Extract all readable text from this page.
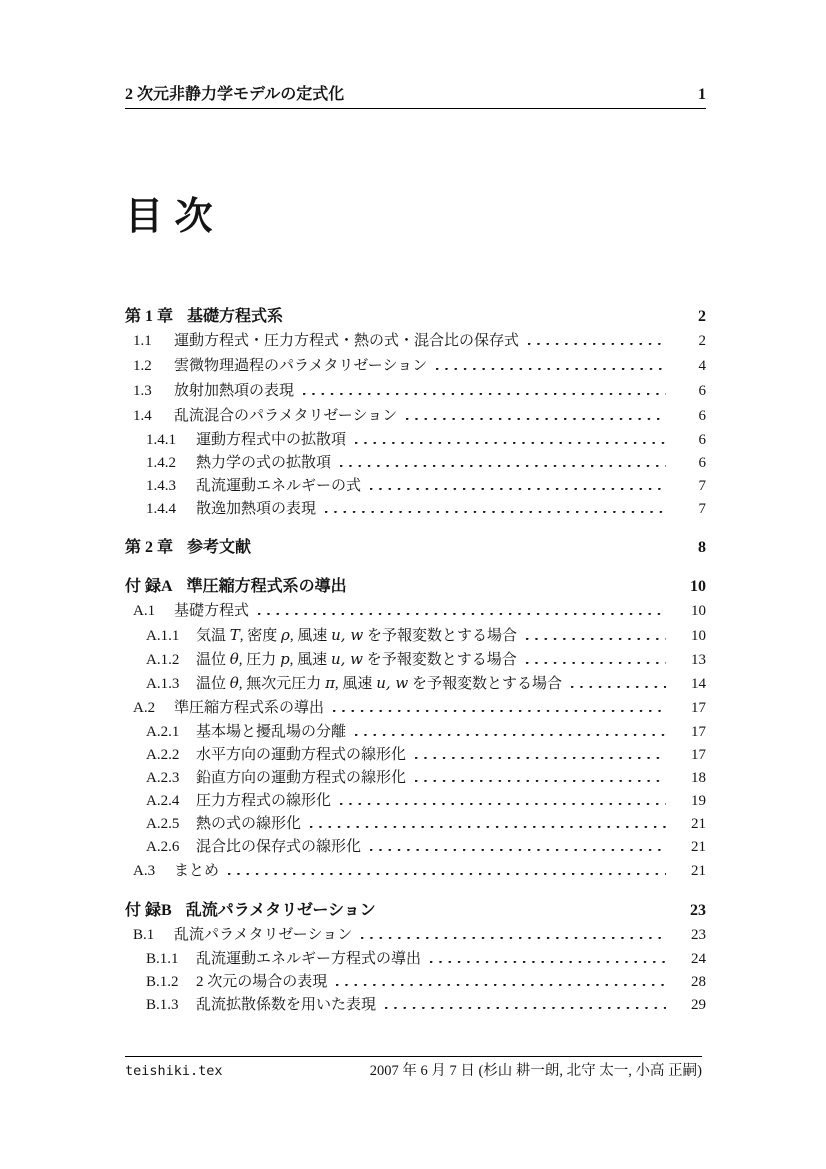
2 次元非静力学モデルの定式化	1
目 次
第 1 章 基礎方程式系	2
1.1	運動方程式・圧力方程式・熱の式・混合比の保存式	2
1.2	雲微物理過程のパラメタリゼーション	4
1.3	放射加熱項の表現	6
1.4	乱流混合のパラメタリゼーション	6
1.4.1	運動方程式中の拡散項	6
1.4.2	熱力学の式の拡散項	6
1.4.3	乱流運動エネルギーの式	7
1.4.4	散逸加熱項の表現	7
第 2 章 参考文献	8
付 録A 準圧縮方程式系の導出	10
A.1	基礎方程式	10
A.1.1	気温 T, 密度 ρ, 風速 u, w を予報変数とする場合	10
A.1.2	温位 θ, 圧力 p, 風速 u, w を予報変数とする場合	13
A.1.3	温位 θ, 無次元圧力 π, 風速 u, w を予報変数とする場合	14
A.2	準圧縮方程式系の導出	17
A.2.1	基本場と擾乱場の分離	17
A.2.2	水平方向の運動方程式の線形化	17
A.2.3	鉛直方向の運動方程式の線形化	18
A.2.4	圧力方程式の線形化	19
A.2.5	熱の式の線形化	21
A.2.6	混合比の保存式の線形化	21
A.3	まとめ	21
付 録B 乱流パラメタリゼーション	23
B.1	乱流パラメタリゼーション	23
B.1.1	乱流運動エネルギー方程式の導出	24
B.1.2	2 次元の場合の表現	28
B.1.3	乱流拡散係数を用いた表現	29
teishiki.tex	2007 年 6 月 7 日 (杉山 耕一朗, 北守 太一, 小高 正嗣)
